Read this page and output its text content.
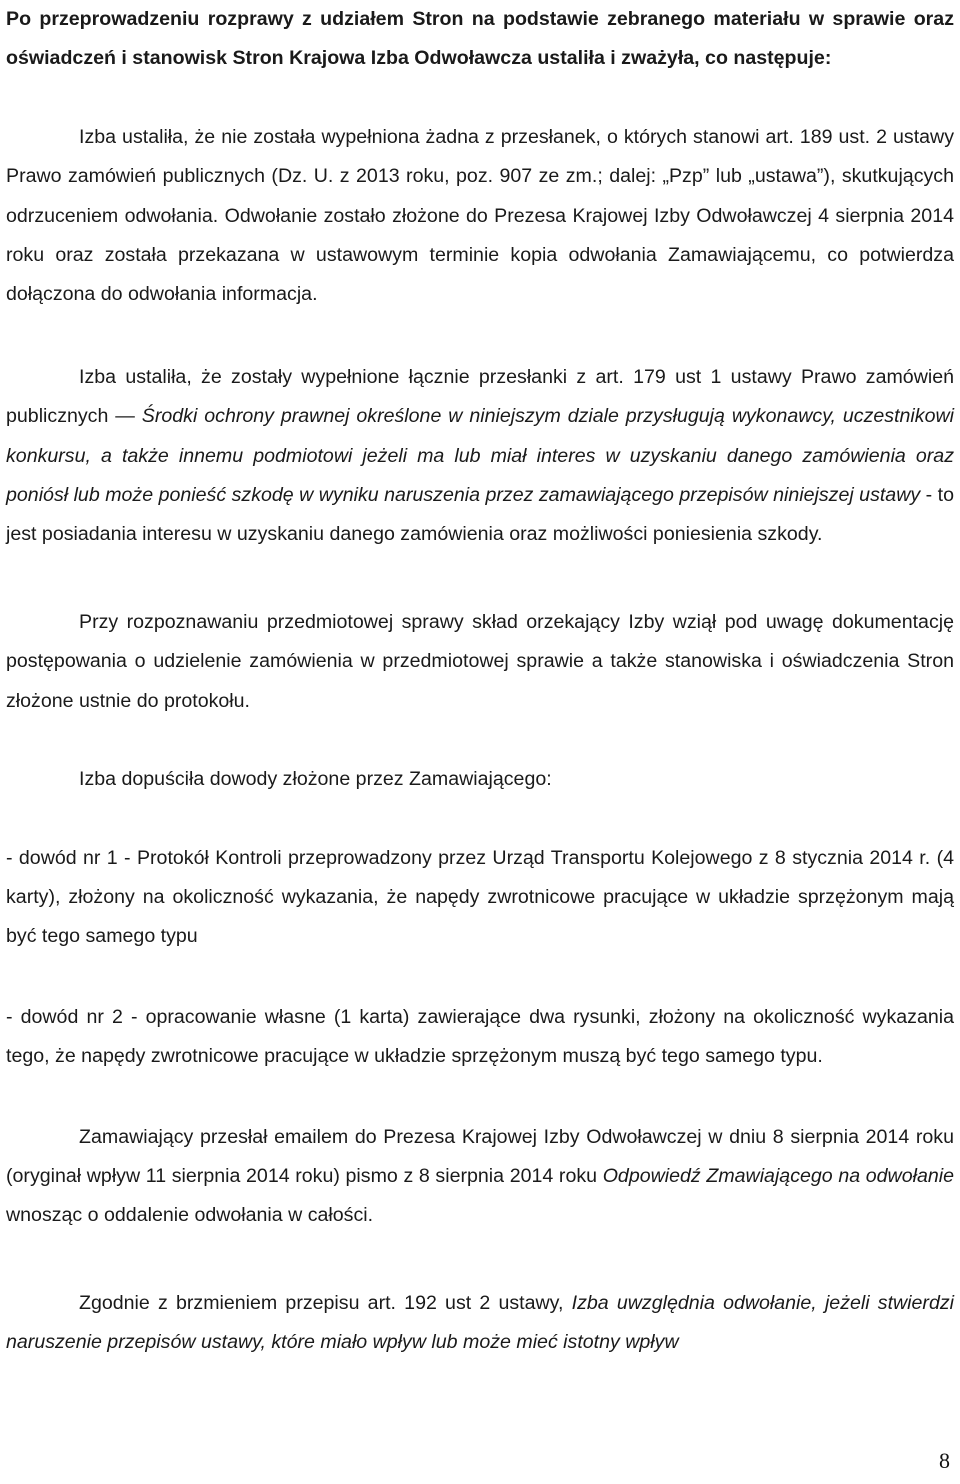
Po przeprowadzeniu rozprawy z udziałem Stron na podstawie zebranego materiału w sprawie oraz oświadczeń i stanowisk Stron Krajowa Izba Odwoławcza ustaliła i zważyła, co następuje:

Izba ustaliła, że nie została wypełniona żadna z przesłanek, o których stanowi art. 189 ust. 2 ustawy Prawo zamówień publicznych (Dz. U. z 2013 roku, poz. 907 ze zm.; dalej: „Pzp” lub „ustawa”), skutkujących odrzuceniem odwołania. Odwołanie zostało złożone do Prezesa Krajowej Izby Odwoławczej 4 sierpnia 2014 roku oraz została przekazana w ustawowym terminie kopia odwołania Zamawiającemu, co potwierdza dołączona do odwołania informacja.

Izba ustaliła, że zostały wypełnione łącznie przesłanki z art. 179 ust 1 ustawy Prawo zamówień publicznych — Środki ochrony prawnej określone w niniejszym dziale przysługują wykonawcy, uczestnikowi konkursu, a także innemu podmiotowi jeżeli ma lub miał interes w uzyskaniu danego zamówienia oraz poniósł lub może ponieść szkodę w wyniku naruszenia przez zamawiającego przepisów niniejszej ustawy - to jest posiadania interesu w uzyskaniu danego zamówienia oraz możliwości poniesienia szkody.

Przy rozpoznawaniu przedmiotowej sprawy skład orzekający Izby wziął pod uwagę dokumentację postępowania o udzielenie zamówienia w przedmiotowej sprawie a także stanowiska i oświadczenia Stron złożone ustnie do protokołu.

Izba dopuściła dowody złożone przez Zamawiającego:

- dowód nr 1 - Protokół Kontroli przeprowadzony przez Urząd Transportu Kolejowego z 8 stycznia 2014 r. (4 karty), złożony na okoliczność wykazania, że napędy zwrotnicowe pracujące w układzie sprzężonym mają być tego samego typu

- dowód nr 2 - opracowanie własne (1 karta) zawierające dwa rysunki, złożony na okoliczność wykazania tego, że napędy zwrotnicowe pracujące w układzie sprzężonym muszą być tego samego typu.

Zamawiający przesłał emailem do Prezesa Krajowej Izby Odwoławczej w dniu 8 sierpnia 2014 roku (oryginał wpływ 11 sierpnia 2014 roku) pismo z 8 sierpnia 2014 roku Odpowiedź Zmawiającego na odwołanie wnosząc o oddalenie odwołania w całości.

Zgodnie z brzmieniem przepisu art. 192 ust 2 ustawy, Izba uwzględnia odwołanie, jeżeli stwierdzi naruszenie przepisów ustawy, które miało wpływ lub może mieć istotny wpływ

8
